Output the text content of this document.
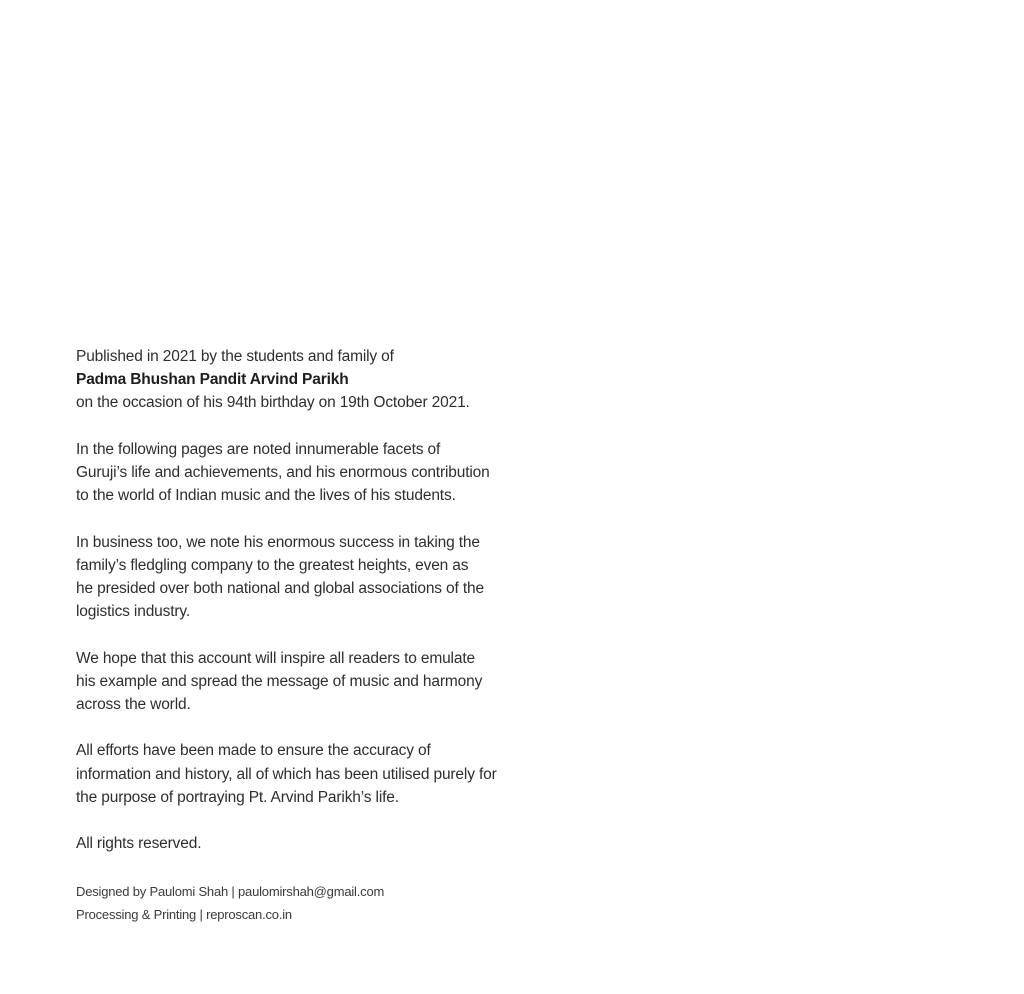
Published in 2021 by the students and family of
Padma Bhushan Pandit Arvind Parikh
on the occasion of his 94th birthday on 19th October 2021.

In the following pages are noted innumerable facets of
Guruji’s life and achievements, and his enormous contribution
to the world of Indian music and the lives of his students.

In business too, we note his enormous success in taking the
family’s fledgling company to the greatest heights, even as
he presided over both national and global associations of the
logistics industry.

We hope that this account will inspire all readers to emulate
his example and spread the message of music and harmony
across the world.

All efforts have been made to ensure the accuracy of
information and history, all of which has been utilised purely for
the purpose of portraying Pt. Arvind Parikh’s life.

All rights reserved.

Designed by Paulomi Shah | paulomirshah@gmail.com
Processing & Printing | reproscan.co.in
